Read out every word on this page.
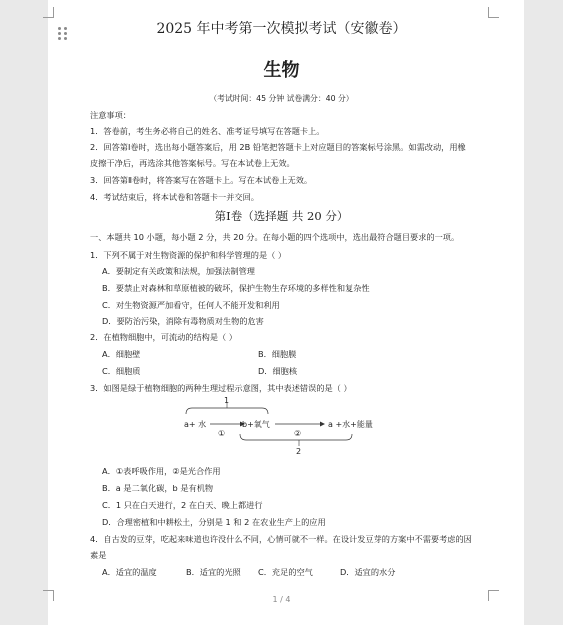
2025 年中考第一次模拟考试（安徽卷）
生物
（考试时间：45 分钟 试卷满分：40 分）
注意事项：
1．答卷前，考生务必将自己的姓名、准考证号填写在答题卡上。
2．回答第Ⅰ卷时，选出每小题答案后，用 2B 铅笔把答题卡上对应题目的答案标号涂黑。如需改动，用橡
皮擦干净后，再选涂其他答案标号。写在本试卷上无效。
3．回答第Ⅱ卷时，将答案写在答题卡上。写在本试卷上无效。
4．考试结束后，将本试卷和答题卡一并交回。
第Ⅰ卷（选择题 共 20 分）
一、本题共 10 小题，每小题 2 分，共 20 分。在每小题的四个选项中，选出最符合题目要求的一项。
1．下列不属于对生物资源的保护和科学管理的是（ ）
A．要制定有关政策和法规，加强法制管理
B．要禁止对森林和草原植被的破坏，保护生物生存环境的多样性和复杂性
C．对生物资源严加看守，任何人不能开发和利用
D．要防治污染，消除有毒物质对生物的危害
2．在植物细胞中，可流动的结构是（ ）
A．细胞壁	B．细胞膜
C．细胞质	D．细胞核
3．如图是绿于植物细胞的两种生理过程示意图，其中表述错误的是（ ）
1
a+ 水
①
b+氧气
②
a +水+能量
2
A．①表呼吸作用，②是光合作用
B．a 是二氧化碳，b 是有机物
C．1 只在白天进行，2 在白天、晚上都进行
D．合理密植和中耕松土，分别是 1 和 2 在农业生产上的应用
4．自古发的豆芽，吃起来味道也许没什么不同，心情可就不一样。在设计发豆芽的方案中不需要考虑的因
素是
A．适宜的温度	B．适宜的光照 C．充足的空气	D．适宜的水分
1 / 4
